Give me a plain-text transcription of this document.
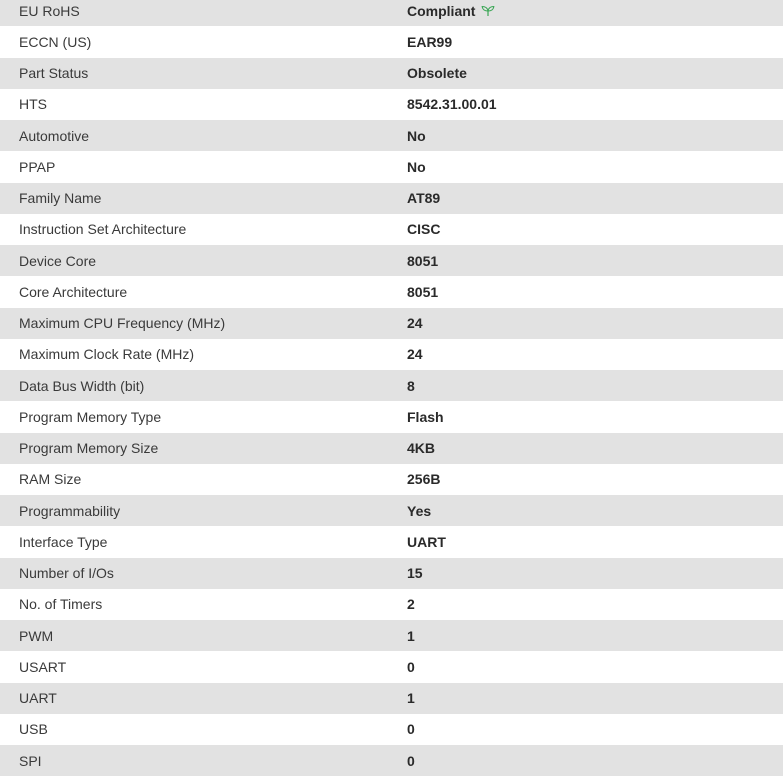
EU RoHS	Compliant
ECCN (US)	EAR99
Part Status	Obsolete
HTS	8542.31.00.01
Automotive	No
PPAP	No
Family Name	AT89
Instruction Set Architecture	CISC
Device Core	8051
Core Architecture	8051
Maximum CPU Frequency (MHz)	24
Maximum Clock Rate (MHz)	24
Data Bus Width (bit)	8
Program Memory Type	Flash
Program Memory Size	4KB
RAM Size	256B
Programmability	Yes
Interface Type	UART
Number of I/Os	15
No. of Timers	2
PWM	1
USART	0
UART	1
USB	0
SPI	0
